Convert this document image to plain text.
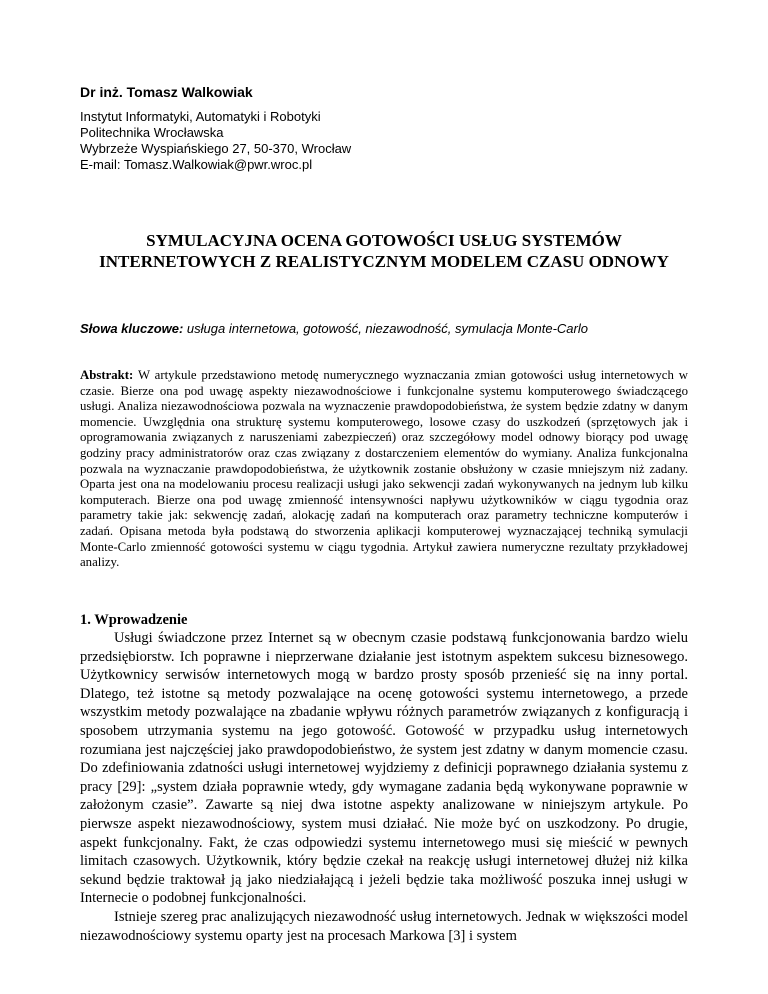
Dr inż. Tomasz Walkowiak
Instytut Informatyki, Automatyki i Robotyki
Politechnika Wrocławska
Wybrzeże Wyspiańskiego 27, 50-370, Wrocław
E-mail: Tomasz.Walkowiak@pwr.wroc.pl
SYMULACYJNA OCENA GOTOWOŚCI USŁUG SYSTEMÓW INTERNETOWYCH Z REALISTYCZNYM MODELEM CZASU ODNOWY
Słowa kluczowe: usługa internetowa, gotowość, niezawodność, symulacja Monte-Carlo
Abstrakt: W artykule przedstawiono metodę numerycznego wyznaczania zmian gotowości usług internetowych w czasie. Bierze ona pod uwagę aspekty niezawodnościowe i funkcjonalne systemu komputerowego świadczącego usługi. Analiza niezawodnościowa pozwala na wyznaczenie prawdopodobieństwa, że system będzie zdatny w danym momencie. Uwzględnia ona strukturę systemu komputerowego, losowe czasy do uszkodzeń (sprzętowych jak i oprogramowania związanych z naruszeniami zabezpieczeń) oraz szczegółowy model odnowy biorący pod uwagę godziny pracy administratorów oraz czas związany z dostarczeniem elementów do wymiany. Analiza funkcjonalna pozwala na wyznaczanie prawdopodobieństwa, że użytkownik zostanie obsłużony w czasie mniejszym niż zadany. Oparta jest ona na modelowaniu procesu realizacji usługi jako sekwencji zadań wykonywanych na jednym lub kilku komputerach. Bierze ona pod uwagę zmienność intensywności napływu użytkowników w ciągu tygodnia oraz parametry takie jak: sekwencję zadań, alokację zadań na komputerach oraz parametry techniczne komputerów i zadań. Opisana metoda była podstawą do stworzenia aplikacji komputerowej wyznaczającej techniką symulacji Monte-Carlo zmienność gotowości systemu w ciągu tygodnia. Artykuł zawiera numeryczne rezultaty przykładowej analizy.
1. Wprowadzenie

Usługi świadczone przez Internet są w obecnym czasie podstawą funkcjonowania bardzo wielu przedsiębiorstw. Ich poprawne i nieprzerwane działanie jest istotnym aspektem sukcesu biznesowego. Użytkownicy serwisów internetowych mogą w bardzo prosty sposób przenieść się na inny portal. Dlatego, też istotne są metody pozwalające na ocenę gotowości systemu internetowego, a przede wszystkim metody pozwalające na zbadanie wpływu różnych parametrów związanych z konfiguracją i sposobem utrzymania systemu na jego gotowość. Gotowość w przypadku usług internetowych rozumiana jest najczęściej jako prawdopodobieństwo, że system jest zdatny w danym momencie czasu. Do zdefiniowania zdatności usługi internetowej wyjdziemy z definicji poprawnego działania systemu z pracy [29]: „system działa poprawnie wtedy, gdy wymagane zadania będą wykonywane poprawnie w założonym czasie”. Zawarte są niej dwa istotne aspekty analizowane w niniejszym artykule. Po pierwsze aspekt niezawodnościowy, system musi działać. Nie może być on uszkodzony. Po drugie, aspekt funkcjonalny. Fakt, że czas odpowiedzi systemu internetowego musi się mieścić w pewnych limitach czasowych. Użytkownik, który będzie czekał na reakcję usługi internetowej dłużej niż kilka sekund będzie traktował ją jako niedziałającą i jeżeli będzie taka możliwość poszuka innej usługi w Internecie o podobnej funkcjonalności.

Istnieje szereg prac analizujących niezawodność usług internetowych. Jednak w większości model niezawodnościowy systemu oparty jest na procesach Markowa [3] i system
